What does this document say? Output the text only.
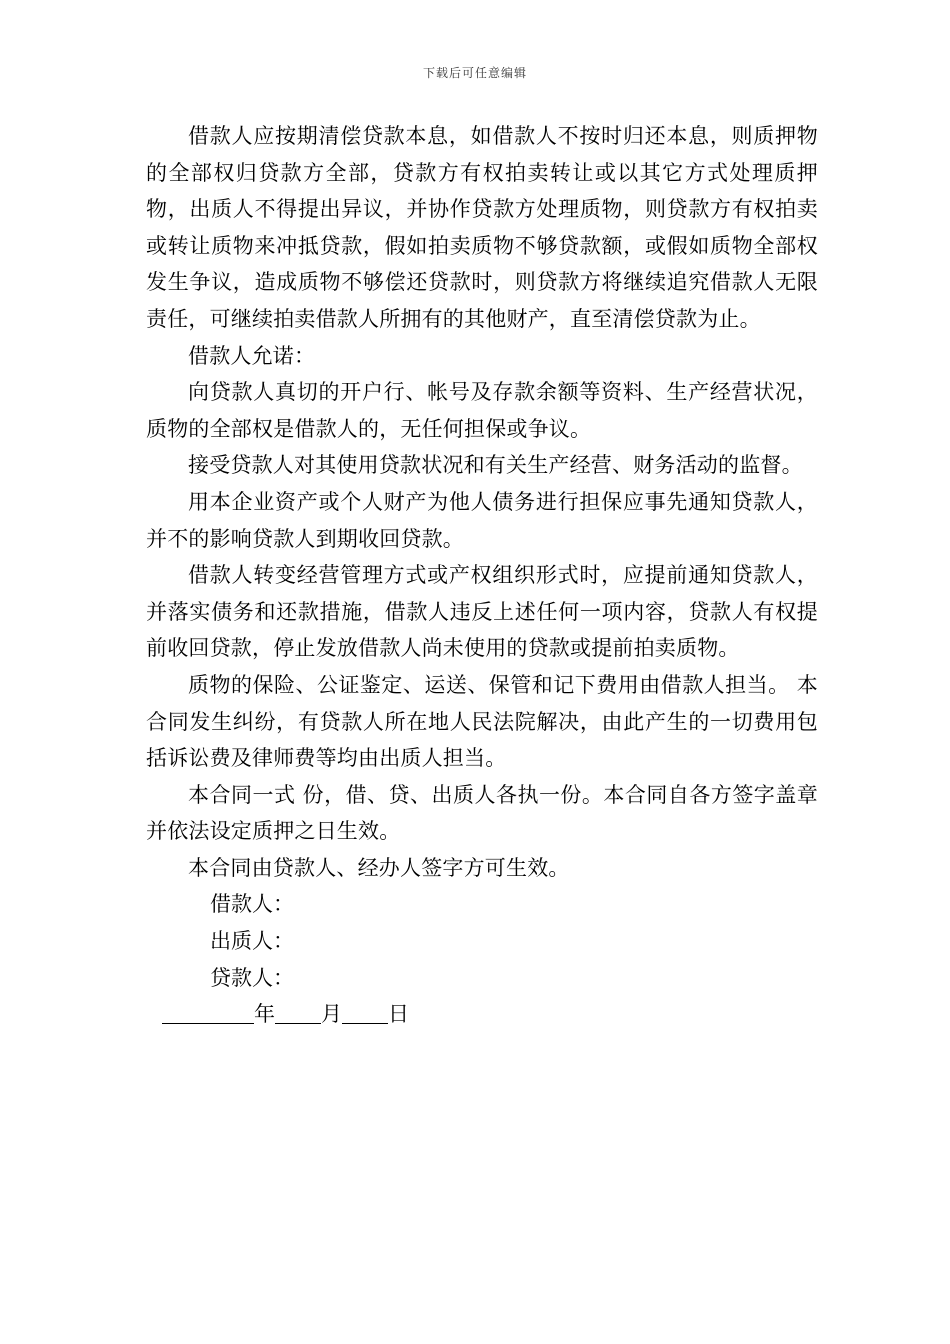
下载后可任意编辑

借款人应按期清偿贷款本息，如借款人不按时归还本息，则质押物的全部权归贷款方全部，贷款方有权拍卖转让或以其它方式处理质押物，出质人不得提出异议，并协作贷款方处理质物，则贷款方有权拍卖或转让质物来冲抵贷款，假如拍卖质物不够贷款额，或假如质物全部权发生争议，造成质物不够偿还贷款时，则贷款方将继续追究借款人无限责任，可继续拍卖借款人所拥有的其他财产，直至清偿贷款为止。

借款人允诺：

向贷款人真切的开户行、帐号及存款余额等资料、生产经营状况，质物的全部权是借款人的，无任何担保或争议。

接受贷款人对其使用贷款状况和有关生产经营、财务活动的监督。

用本企业资产或个人财产为他人债务进行担保应事先通知贷款人，并不的影响贷款人到期收回贷款。

借款人转变经营管理方式或产权组织形式时，应提前通知贷款人，并落实债务和还款措施，借款人违反上述任何一项内容，贷款人有权提前收回贷款，停止发放借款人尚未使用的贷款或提前拍卖质物。

质物的保险、公证鉴定、运送、保管和记下费用由借款人担当。 本合同发生纠纷，有贷款人所在地人民法院解决，由此产生的一切费用包括诉讼费及律师费等均由出质人担当。

本合同一式 份，借、贷、出质人各执一份。本合同自各方签字盖章并依法设定质押之日生效。

本合同由贷款人、经办人签字方可生效。

借款人：

出质人：

贷款人：

年 月 日
